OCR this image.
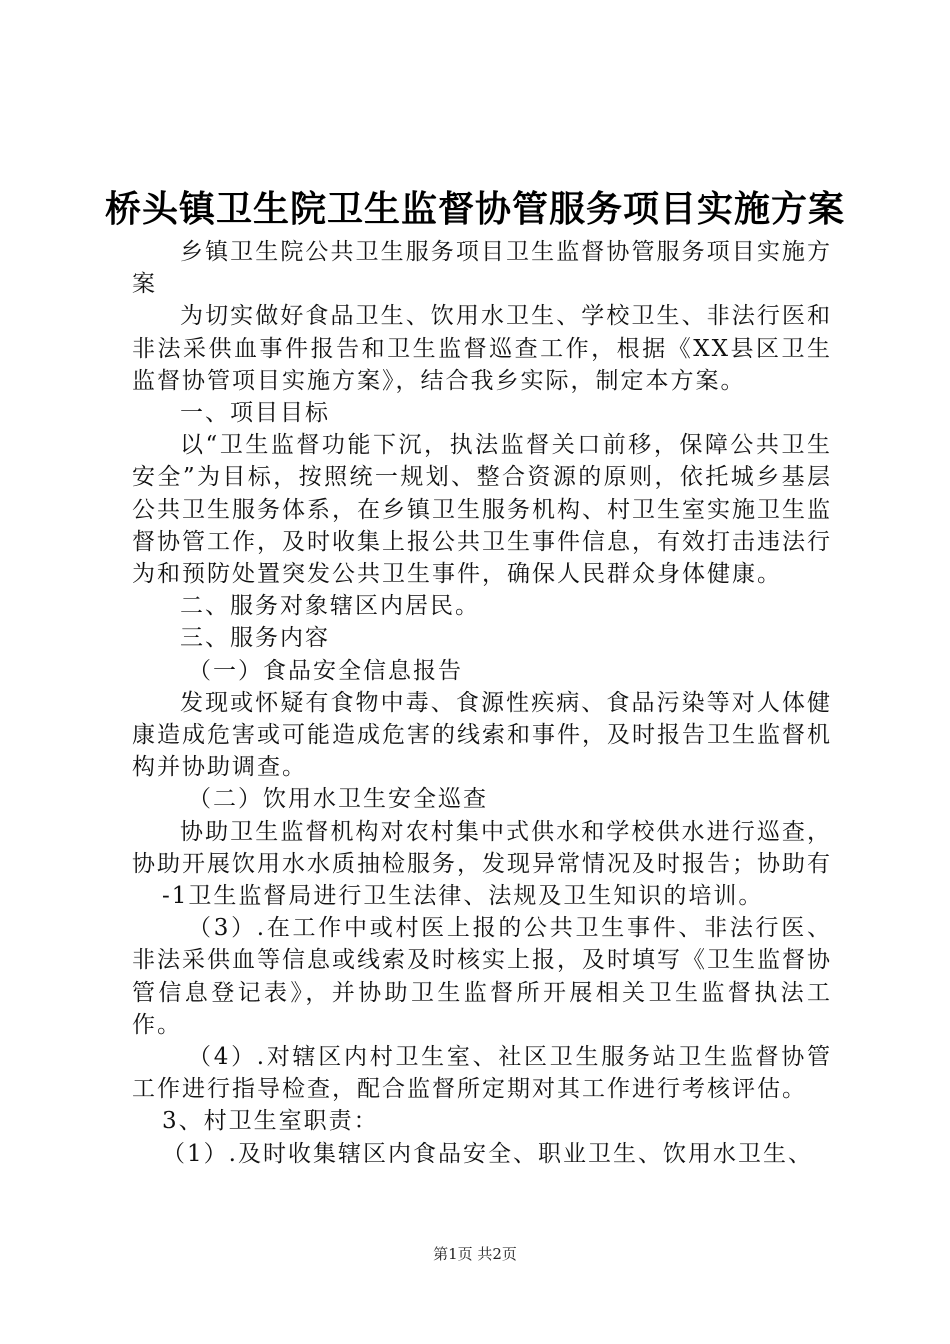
桥头镇卫生院卫生监督协管服务项目实施方案

乡镇卫生院公共卫生服务项目卫生监督协管服务项目实施方案

为切实做好食品卫生、饮用水卫生、学校卫生、非法行医和非法采供血事件报告和卫生监督巡查工作，根据《XX县区卫生监督协管项目实施方案》，结合我乡实际，制定本方案。

一、项目目标

以“卫生监督功能下沉，执法监督关口前移，保障公共卫生安全”为目标，按照统一规划、整合资源的原则，依托城乡基层公共卫生服务体系，在乡镇卫生服务机构、村卫生室实施卫生监督协管工作，及时收集上报公共卫生事件信息，有效打击违法行为和预防处置突发公共卫生事件，确保人民群众身体健康。

二、服务对象辖区内居民。

三、服务内容

（一）食品安全信息报告

发现或怀疑有食物中毒、食源性疾病、食品污染等对人体健康造成危害或可能造成危害的线索和事件，及时报告卫生监督机构并协助调查。

（二）饮用水卫生安全巡查

协助卫生监督机构对农村集中式供水和学校供水进行巡查，协助开展饮用水水质抽检服务，发现异常情况及时报告；协助有

-1卫生监督局进行卫生法律、法规及卫生知识的培训。

（3）.在工作中或村医上报的公共卫生事件、非法行医、非法采供血等信息或线索及时核实上报，及时填写《卫生监督协管信息登记表》，并协助卫生监督所开展相关卫生监督执法工作。

（4）.对辖区内村卫生室、社区卫生服务站卫生监督协管工作进行指导检查，配合监督所定期对其工作进行考核评估。

3、村卫生室职责：

（1）.及时收集辖区内食品安全、职业卫生、饮用水卫生、

第1页 共2页
